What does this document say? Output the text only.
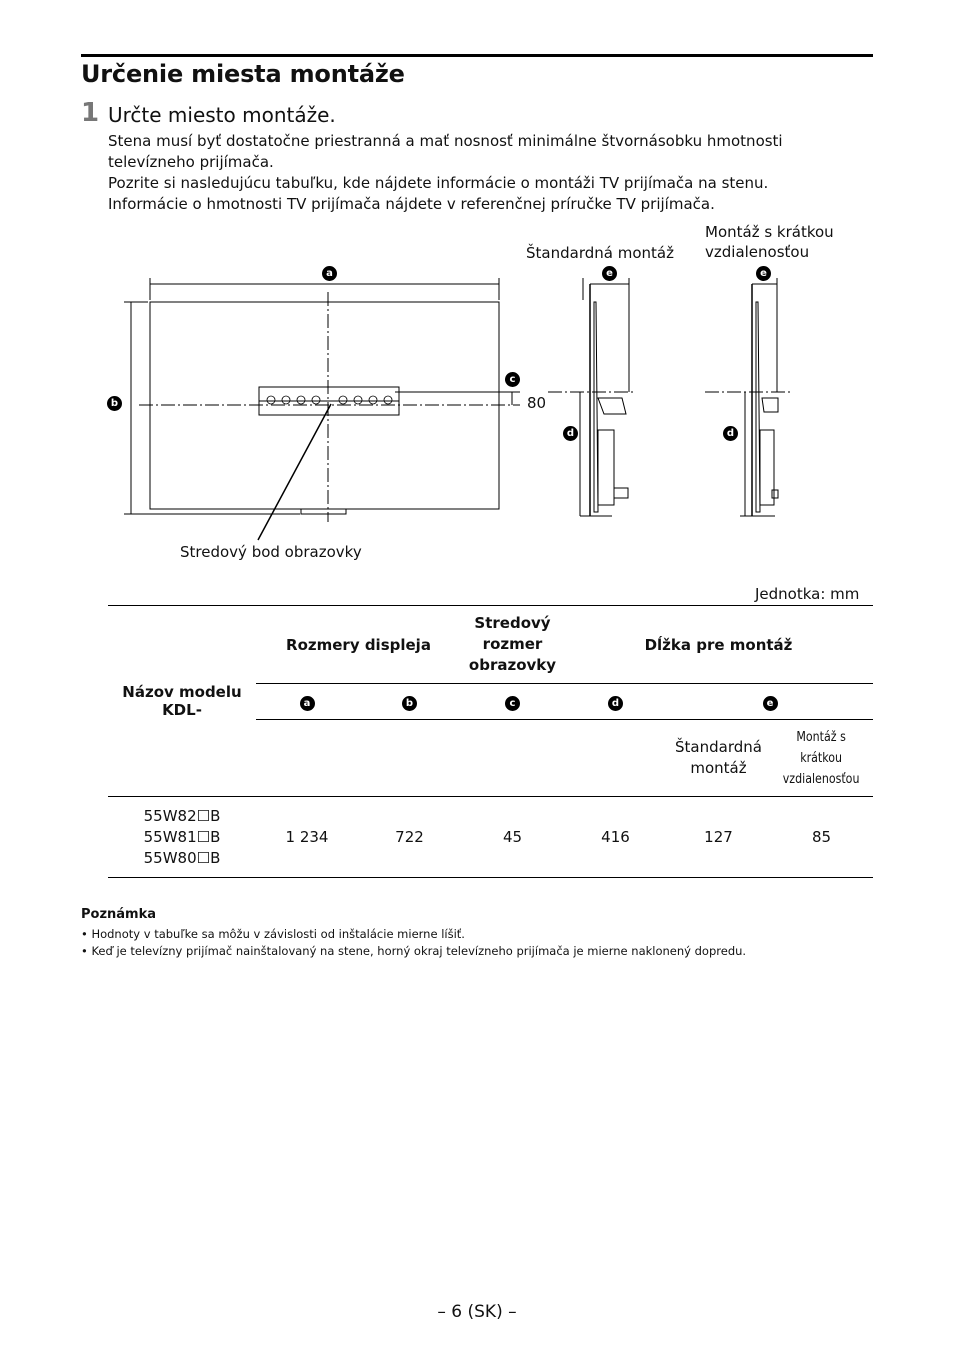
Určenie miesta montáže
1 Určte miesto montáže.
Stena musí byť dostatočne priestranná a mať nosnosť minimálne štvornásobku hmotnosti
televízneho prijímača.
Pozrite si nasledujúcu tabuľku, kde nájdete informácie o montáži TV prijímača na stenu.
Informácie o hmotnosti TV prijímača nájdete v referenčnej príručke TV prijímača.
Štandardná montáž
Montáž s krátkou
vzdialenosťou
Stredový bod obrazovky
80
a
b
c
d	d
e	e
Jednotka: mm
Názov modelu
KDL-	Rozmery displeja		Stredový
rozmer
obrazovky	Dĺžka pre montáž		
	a	b	c	d	e	
					Štandardná
montáž	Montáž s
krátkou
vzdialenosťou
55W82☐B
55W81☐B
55W80☐B	1 234	722	45	416	127	85
Poznámka
• Hodnoty v tabuľke sa môžu v závislosti od inštalácie mierne líšiť.
• Keď je televízny prijímač nainštalovaný na stene, horný okraj televízneho prijímača je mierne naklonený dopredu.
– 6 (SK) –
